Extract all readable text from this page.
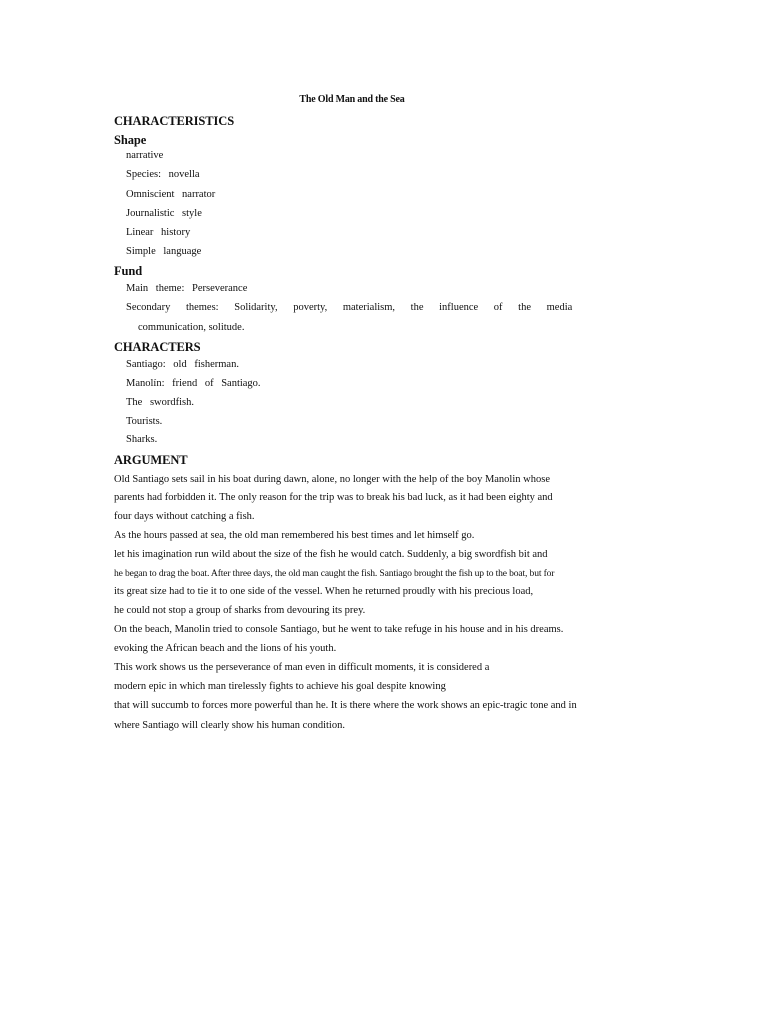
The Old Man and the Sea
CHARACTERISTICS
Shape
narrative
Species: novella
Omniscient narrator
Journalistic style
Linear history
Simple language
Fund
Main theme: Perseverance
Secondary themes: Solidarity, poverty, materialism, the influence of the media
communication, solitude.
CHARACTERS
Santiago: old fisherman.
Manolín: friend of Santiago.
The swordfish.
Tourists.
Sharks.
ARGUMENT
Old Santiago sets sail in his boat during dawn, alone, no longer with the help of the boy Manolin whose
parents had forbidden it. The only reason for the trip was to break his bad luck, as it had been eighty and
four days without catching a fish.
As the hours passed at sea, the old man remembered his best times and let himself go.
let his imagination run wild about the size of the fish he would catch. Suddenly, a big swordfish bit and
he began to drag the boat. After three days, the old man caught the fish. Santiago brought the fish up to the boat, but for
its great size had to tie it to one side of the vessel. When he returned proudly with his precious load,
he could not stop a group of sharks from devouring its prey.
On the beach, Manolin tried to console Santiago, but he went to take refuge in his house and in his dreams.
evoking the African beach and the lions of his youth.
This work shows us the perseverance of man even in difficult moments, it is considered a
modern epic in which man tirelessly fights to achieve his goal despite knowing
that will succumb to forces more powerful than he. It is there where the work shows an epic-tragic tone and in
where Santiago will clearly show his human condition.
